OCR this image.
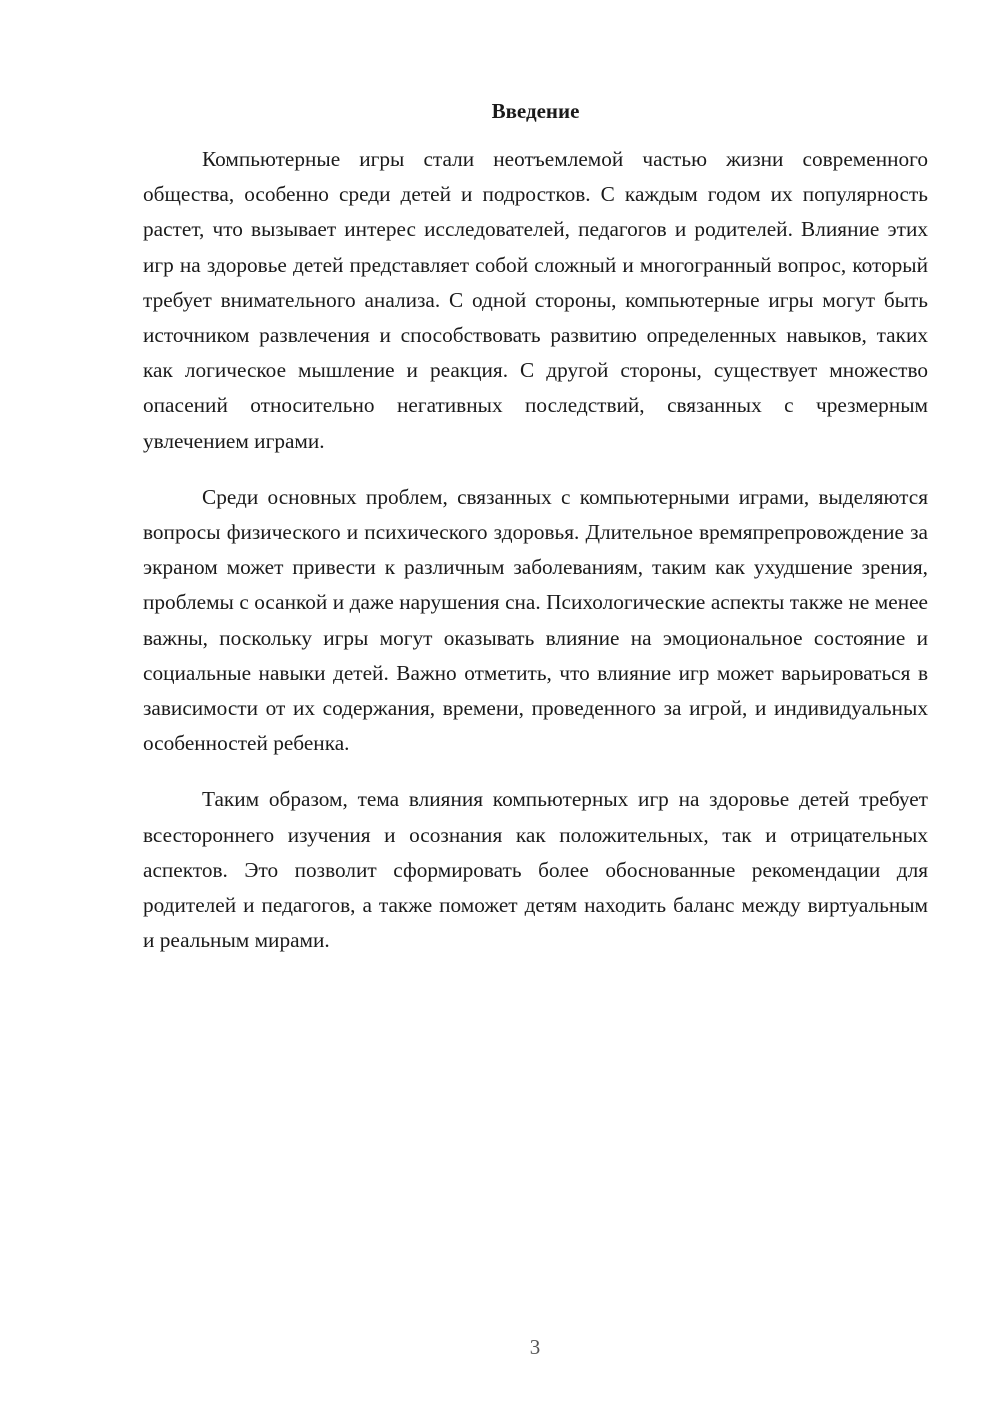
Введение

Компьютерные игры стали неотъемлемой частью жизни современного общества, особенно среди детей и подростков. С каждым годом их популярность растет, что вызывает интерес исследователей, педагогов и родителей. Влияние этих игр на здоровье детей представляет собой сложный и многогранный вопрос, который требует внимательного анализа. С одной стороны, компьютерные игры могут быть источником развлечения и способствовать развитию определенных навыков, таких как логическое мышление и реакция. С другой стороны, существует множество опасений относительно негативных последствий, связанных с чрезмерным увлечением играми.

Среди основных проблем, связанных с компьютерными играми, выделяются вопросы физического и психического здоровья. Длительное времяпрепровождение за экраном может привести к различным заболеваниям, таким как ухудшение зрения, проблемы с осанкой и даже нарушения сна. Психологические аспекты также не менее важны, поскольку игры могут оказывать влияние на эмоциональное состояние и социальные навыки детей. Важно отметить, что влияние игр может варьироваться в зависимости от их содержания, времени, проведенного за игрой, и индивидуальных особенностей ребенка.

Таким образом, тема влияния компьютерных игр на здоровье детей требует всестороннего изучения и осознания как положительных, так и отрицательных аспектов. Это позволит сформировать более обоснованные рекомендации для родителей и педагогов, а также поможет детям находить баланс между виртуальным и реальным мирами.

3
